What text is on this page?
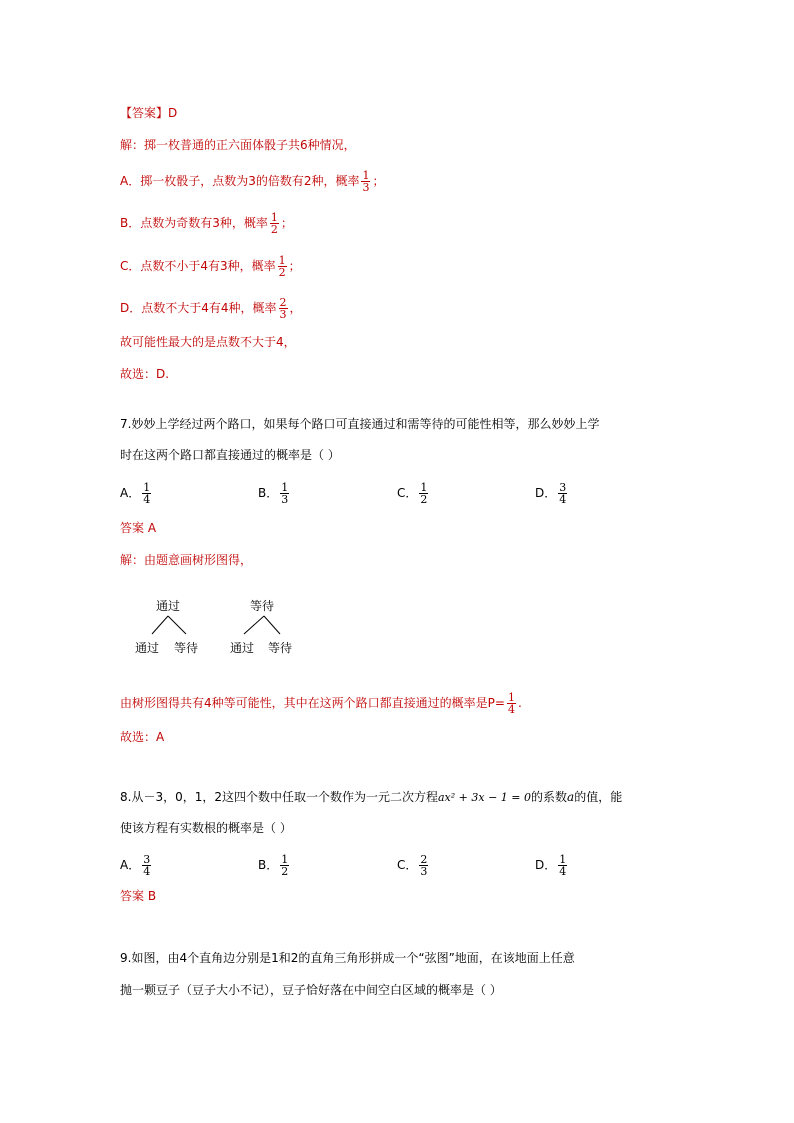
【答案】D
解：掷一枚普通的正六面体骰子共6种情况，
A．掷一枚骰子，点数为3的倍数有2种，概率 $\frac{1}{3}$ ；
B．点数为奇数有3种，概率 $\frac{1}{2}$ ；
C．点数不小于4有3种，概率 $\frac{1}{2}$ ；
D．点数不大于4有4种，概率 $\frac{2}{3}$ ，
故可能性最大的是点数不大于4，
故选：D.
7.妙妙上学经过两个路口，如果每个路口可直接通过和需等待的可能性相等，那么妙妙上学
时在这两个路口都直接通过的概率是（ ）
A． $\frac{1}{4}$	B． $\frac{1}{3}$	C． $\frac{1}{2}$	D． $\frac{3}{4}$
答案 A
解：由题意画树形图得，
通过	等待
通过 等待	通过 等待
由树形图得共有4种等可能性，其中在这两个路口都直接通过的概率是$P= \frac{1}{4}$ .
故选：A
8.从－3，0，1，2这四个数中任取一个数作为一元二次方程ax² + 3x − 1 = 0的系数a的值，能
使该方程有实数根的概率是（ ）
A． $\frac{3}{4}$	B． $\frac{1}{2}$	C． $\frac{2}{3}$	D． $\frac{1}{4}$
答案 B
9.如图，由4个直角边分别是1和2的直角三角形拼成一个“弦图”地面，在该地面上任意
抛一颗豆子（豆子大小不记），豆子恰好落在中间空白区域的概率是（ ）
